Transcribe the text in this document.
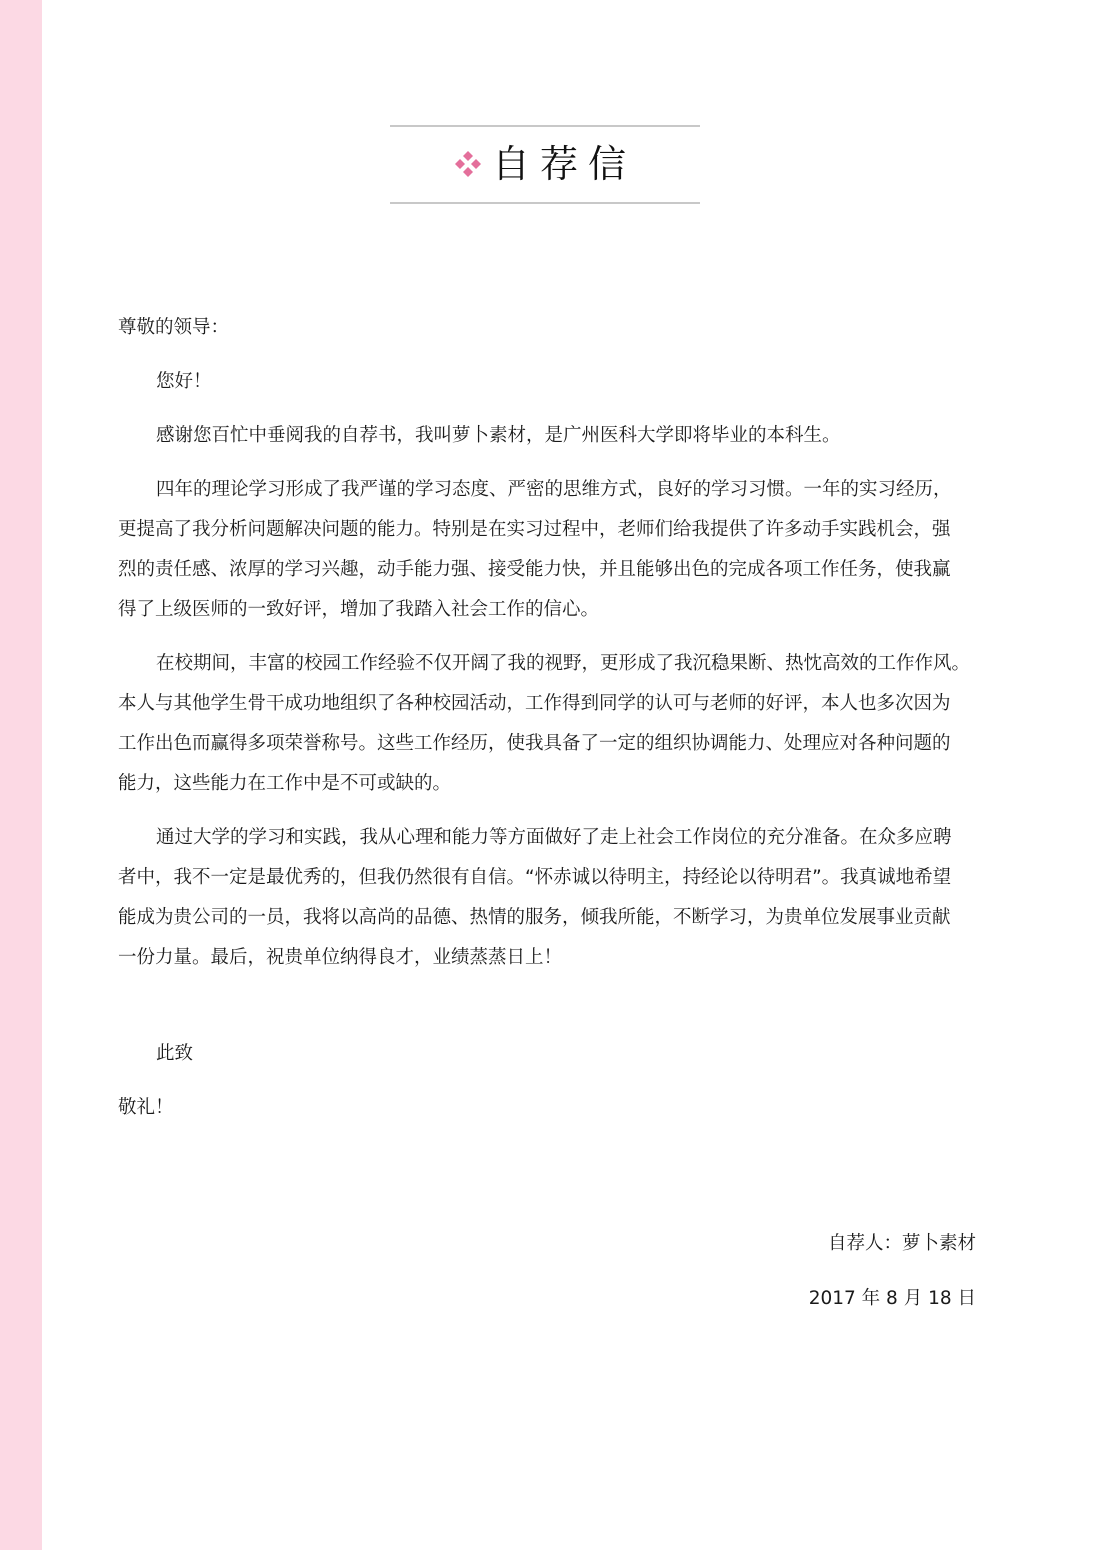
自荐信

尊敬的领导：

您好！

感谢您百忙中垂阅我的自荐书，我叫萝卜素材，是广州医科大学即将毕业的本科生。

四年的理论学习形成了我严谨的学习态度、严密的思维方式，良好的学习习惯。一年的实习经历，

更提高了我分析问题解决问题的能力。特别是在实习过程中，老师们给我提供了许多动手实践机会，强

烈的责任感、浓厚的学习兴趣，动手能力强、接受能力快，并且能够出色的完成各项工作任务，使我赢

得了上级医师的一致好评，增加了我踏入社会工作的信心。

在校期间，丰富的校园工作经验不仅开阔了我的视野，更形成了我沉稳果断、热忱高效的工作作风。

本人与其他学生骨干成功地组织了各种校园活动，工作得到同学的认可与老师的好评，本人也多次因为

工作出色而赢得多项荣誉称号。这些工作经历，使我具备了一定的组织协调能力、处理应对各种问题的

能力，这些能力在工作中是不可或缺的。

通过大学的学习和实践，我从心理和能力等方面做好了走上社会工作岗位的充分准备。在众多应聘

者中，我不一定是最优秀的，但我仍然很有自信。“怀赤诚以待明主，持经论以待明君”。我真诚地希望

能成为贵公司的一员，我将以高尚的品德、热情的服务，倾我所能，不断学习，为贵单位发展事业贡献

一份力量。最后，祝贵单位纳得良才，业绩蒸蒸日上！

此致

敬礼！

自荐人：萝卜素材

2017 年 8 月 18 日
